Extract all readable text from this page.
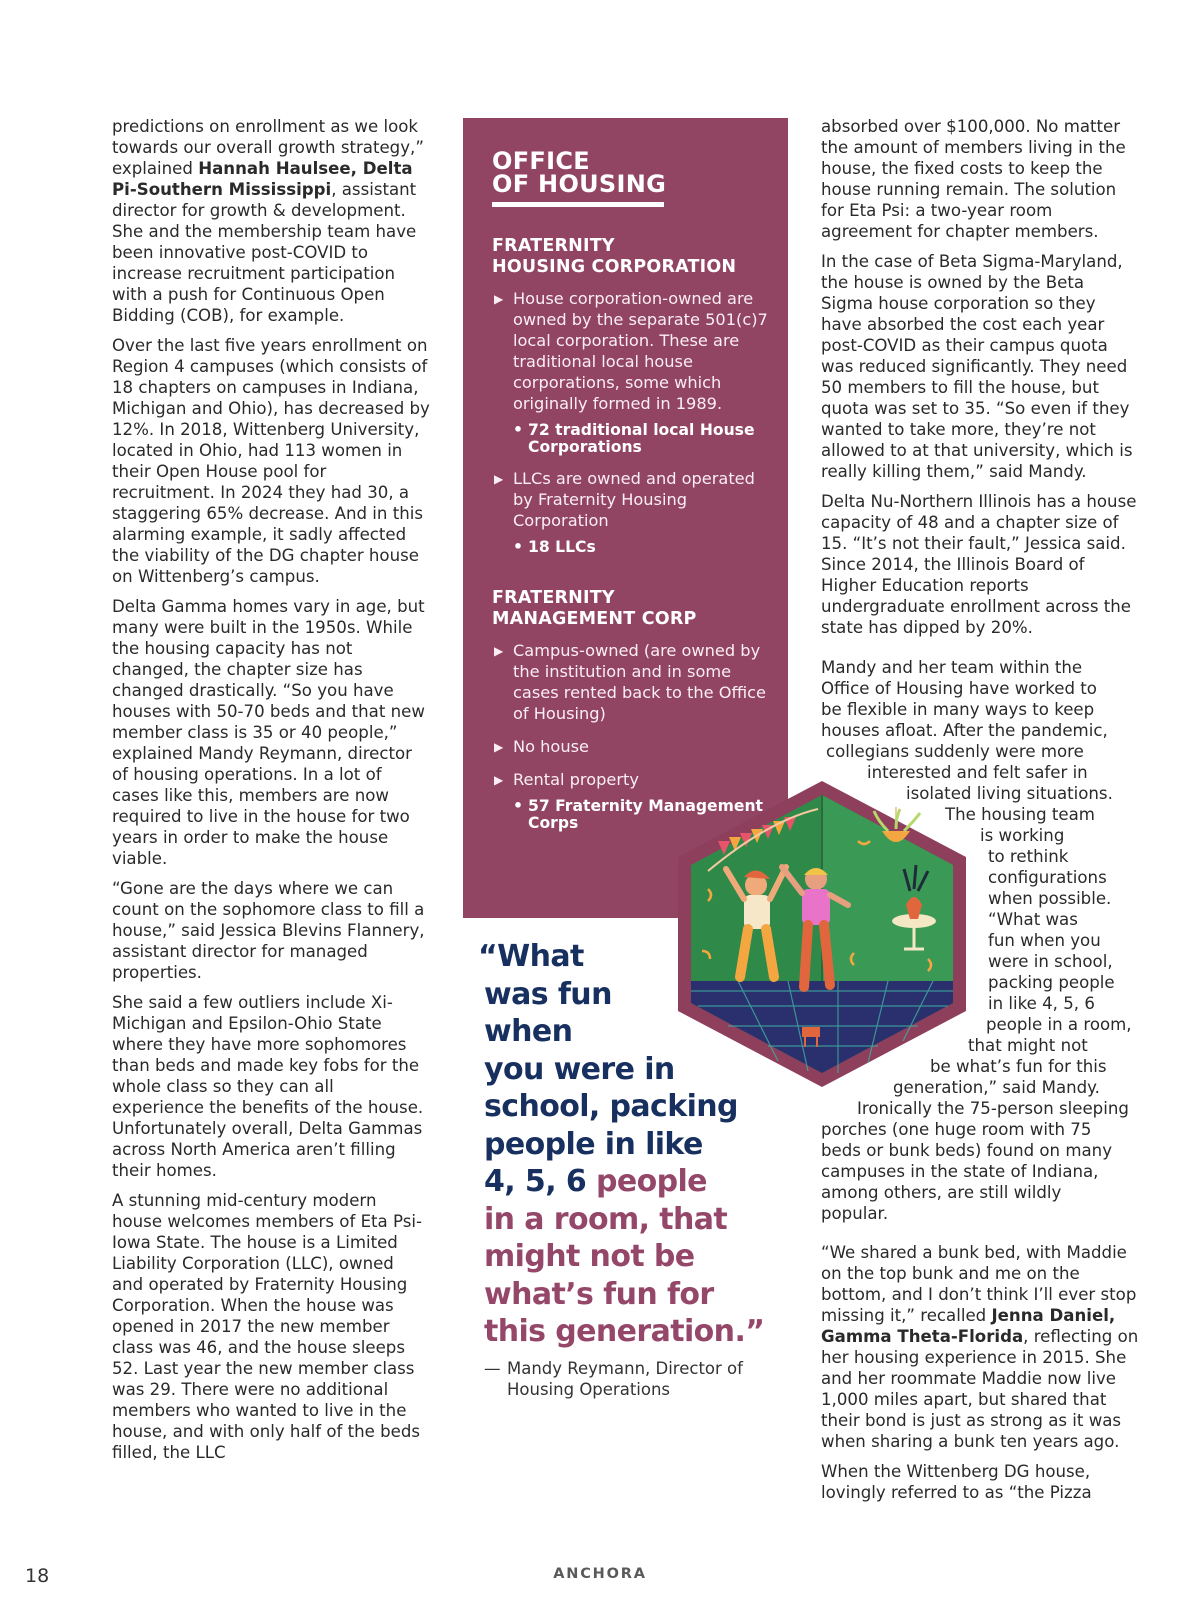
predictions on enrollment as we look towards our overall growth strategy,” explained Hannah Haulsee, Delta Pi-Southern Mississippi, assistant director for growth & development. She and the membership team have been innovative post-COVID to increase recruitment participation with a push for Continuous Open Bidding (COB), for example.

Over the last five years enrollment on Region 4 campuses (which consists of 18 chapters on campuses in Indiana, Michigan and Ohio), has decreased by 12%. In 2018, Wittenberg University, located in Ohio, had 113 women in their Open House pool for recruitment. In 2024 they had 30, a staggering 65% decrease. And in this alarming example, it sadly affected the viability of the DG chapter house on Wittenberg’s campus.

Delta Gamma homes vary in age, but many were built in the 1950s. While the housing capacity has not changed, the chapter size has changed drastically. “So you have houses with 50-70 beds and that new member class is 35 or 40 people,” explained Mandy Reymann, director of housing operations. In a lot of cases like this, members are now required to live in the house for two years in order to make the house viable.

“Gone are the days where we can count on the sophomore class to fill a house,” said Jessica Blevins Flannery, assistant director for managed properties.

She said a few outliers include Xi-Michigan and Epsilon-Ohio State where they have more sophomores than beds and made key fobs for the whole class so they can all experience the benefits of the house. Unfortunately overall, Delta Gammas across North America aren’t filling their homes.

A stunning mid-century modern house welcomes members of Eta Psi-Iowa State. The house is a Limited Liability Corporation (LLC), owned and operated by Fraternity Housing Corporation. When the house was opened in 2017 the new member class was 46, and the house sleeps 52. Last year the new member class was 29. There were no additional members who wanted to live in the house, and with only half of the beds filled, the LLC

OFFICE
OF HOUSING
FRATERNITY
HOUSING CORPORATION
▶ House corporation-owned are owned by the separate 501(c)7 local corporation. These are traditional local house corporations, some which originally formed in 1989.
• 72 traditional local House Corporations
▶ LLCs are owned and operated by Fraternity Housing Corporation
• 18 LLCs
FRATERNITY
MANAGEMENT CORP
▶ Campus-owned (are owned by the institution and in some cases rented back to the Office of Housing)
▶ No house
▶ Rental property
• 57 Fraternity Management Corps
“What
was fun
when
you were in
school, packing
people in like
4, 5, 6 people
in a room, that
might not be
what’s fun for
this generation.”
— Mandy Reymann, Director of Housing Operations

absorbed over $100,000. No matter the amount of members living in the house, the fixed costs to keep the house running remain. The solution for Eta Psi: a two-year room agreement for chapter members.

In the case of Beta Sigma-Maryland, the house is owned by the Beta Sigma house corporation so they have absorbed the cost each year post-COVID as their campus quota was reduced significantly. They need 50 members to fill the house, but quota was set to 35. “So even if they wanted to take more, they’re not allowed to at that university, which is really killing them,” said Mandy.

Delta Nu-Northern Illinois has a house capacity of 48 and a chapter size of 15. “It’s not their fault,” Jessica said. Since 2014, the Illinois Board of Higher Education reports undergraduate enrollment across the state has dipped by 20%.

Mandy and her team within the
Office of Housing have worked to
be flexible in many ways to keep
houses afloat. After the pandemic,
collegians suddenly were more
interested and felt safer in
isolated living situations.
The housing team
is working
to rethink
configurations
when possible.
“What was
fun when you
were in school,
packing people
in like 4, 5, 6
people in a room,
that might not
be what’s fun for this
generation,” said Mandy.
Ironically the 75-person sleeping
porches (one huge room with 75
beds or bunk beds) found on many
campuses in the state of Indiana,
among others, are still wildly
popular.

“We shared a bunk bed, with Maddie on the top bunk and me on the bottom, and I don’t think I’ll ever stop missing it,” recalled Jenna Daniel, Gamma Theta-Florida, reflecting on her housing experience in 2015. She and her roommate Maddie now live 1,000 miles apart, but shared that their bond is just as strong as it was when sharing a bunk ten years ago.

When the Wittenberg DG house, lovingly referred to as “the Pizza

18	ANCHORA
